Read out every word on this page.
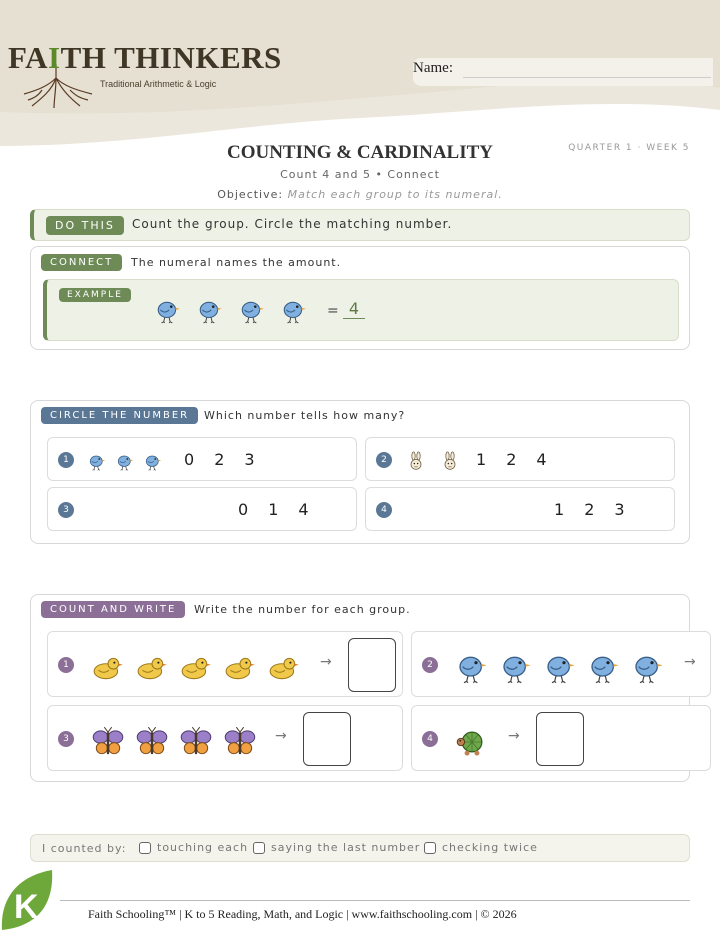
FAITH THINKERS
Traditional Arithmetic & Logic
Name:
COUNTING & CARDINALITY	QUARTER 1 · WEEK 5
Count 4 and 5 • Connect
Objective: Match each group to its numeral.
DO THIS	Count the group. Circle the matching number.
CONNECT	The numeral names the amount.
EXAMPLE
= 4
CIRCLE THE NUMBER	Which number tells how many?
1	0 2 3	2	1 2 4
3	0 1 4	4	1 2 3
COUNT AND WRITE	Write the number for each group.
1	→	2	→
3	→	4	→
I counted by:	touching each saying the last number checking twice
K	Faith Schooling™ | K to 5 Reading, Math, and Logic | www.faithschooling.com | © 2026
